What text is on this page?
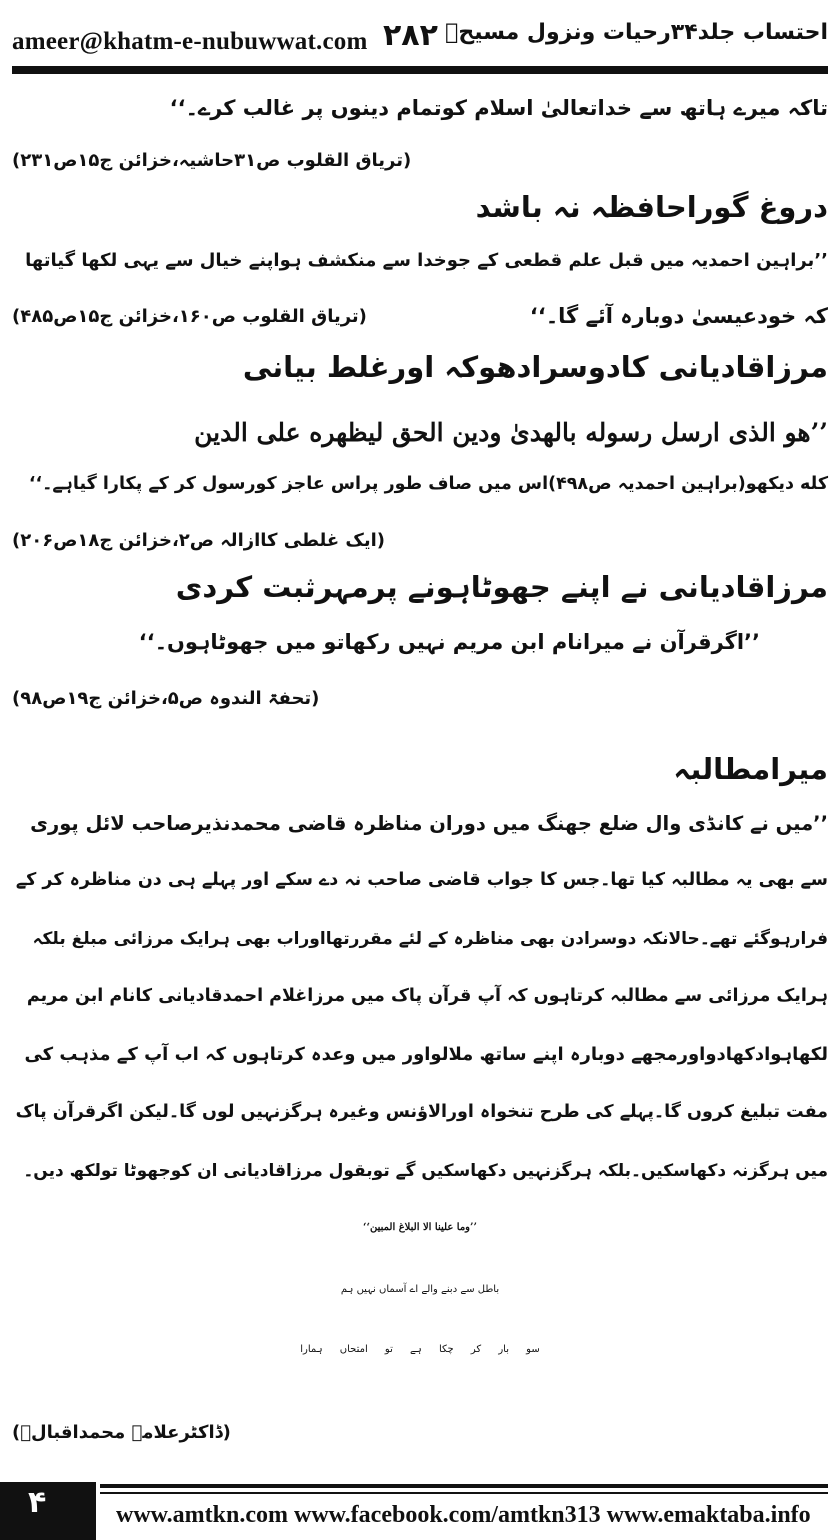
ameer@khatm-e-nubuwwat.com ۲۸۲ احتساب جلد۳۴رحیات ونزول مسیحؑ
تاکہ میرے ہاتھ سے خداتعالیٰ اسلام کوتمام دینوں پر غالب کرے۔‘‘
(تریاق القلوب ص۳۱حاشیہ،خزائن ج۱۵ص۲۳۱)
دروغ گوراحافظہ نہ باشد
’’براہین احمدیہ میں قبل علم قطعی کے جوخدا سے منکشف ہواپنے خیال سے یہی لکھا گیاتھا
کہ خودعیسیٰ دوبارہ آئے گا۔‘‘
(تریاق القلوب ص۱۶۰،خزائن ج۱۵ص۴۸۵)
مرزاقادیانی کادوسرادھوکہ اورغلط بیانی
’’هو الذی ارسل رسوله بالهدیٰ ودین الحق لیظهره علی الدین
کله دیکھو(براہین احمدیہ ص۴۹۸)اس میں صاف طور پراس عاجز کورسول کر کے پکارا گیاہے۔‘‘
(ایک غلطی کاازالہ ص۲،خزائن ج۱۸ص۲۰۶)
مرزاقادیانی نے اپنے جھوٹاہونے پرمہرثبت کردی
’’اگرقرآن نے میرانام ابن مریم نہیں رکھاتو میں جھوٹاہوں۔‘‘
(تحفۃ الندوہ ص۵،خزائن ج۱۹ص۹۸)
میرامطالبہ
’’میں نے کانڈی وال ضلع جھنگ میں دوران مناظرہ قاضی محمدنذیرصاحب لائل پوری
سے بھی یہ مطالبہ کیا تھا۔جس کا جواب قاضی صاحب نہ دے سکے اور پہلے ہی دن مناظرہ کر کے
فرارہوگئے تھے۔حالانکہ دوسرادن بھی مناظرہ کے لئے مقررتھااوراب بھی ہرایک مرزائی مبلغ بلکہ
ہرایک مرزائی سے مطالبہ کرتاہوں کہ آپ قرآن پاک میں مرزاغلام احمدقادیانی کانام ابن مریم
لکھاہوادکھادواورمجھے دوبارہ اپنے ساتھ ملالواور میں وعدہ کرتاہوں کہ اب آپ کے مذہب کی
مفت تبلیغ کروں گا۔پہلے کی طرح تنخواہ اورالاؤنس وغیرہ ہرگزنہیں لوں گا۔لیکن اگرقرآن پاک
میں ہرگزنہ دکھاسکیں۔بلکہ ہرگزنہیں دکھاسکیں گے توبقول مرزاقادیانی ان کوجھوٹا تولکھ دیں۔
’’وما علینا الا البلاغ المبین‘‘
باطل سے دبنے والے اے آسماں نہیں ہم
سو بار کر چکا ہے تو امتحاں ہمارا
(ڈاکٹرعلامہ محمداقبالؒ)
۴	www.amtkn.com www.facebook.com/amtkn313 www.emaktaba.info
